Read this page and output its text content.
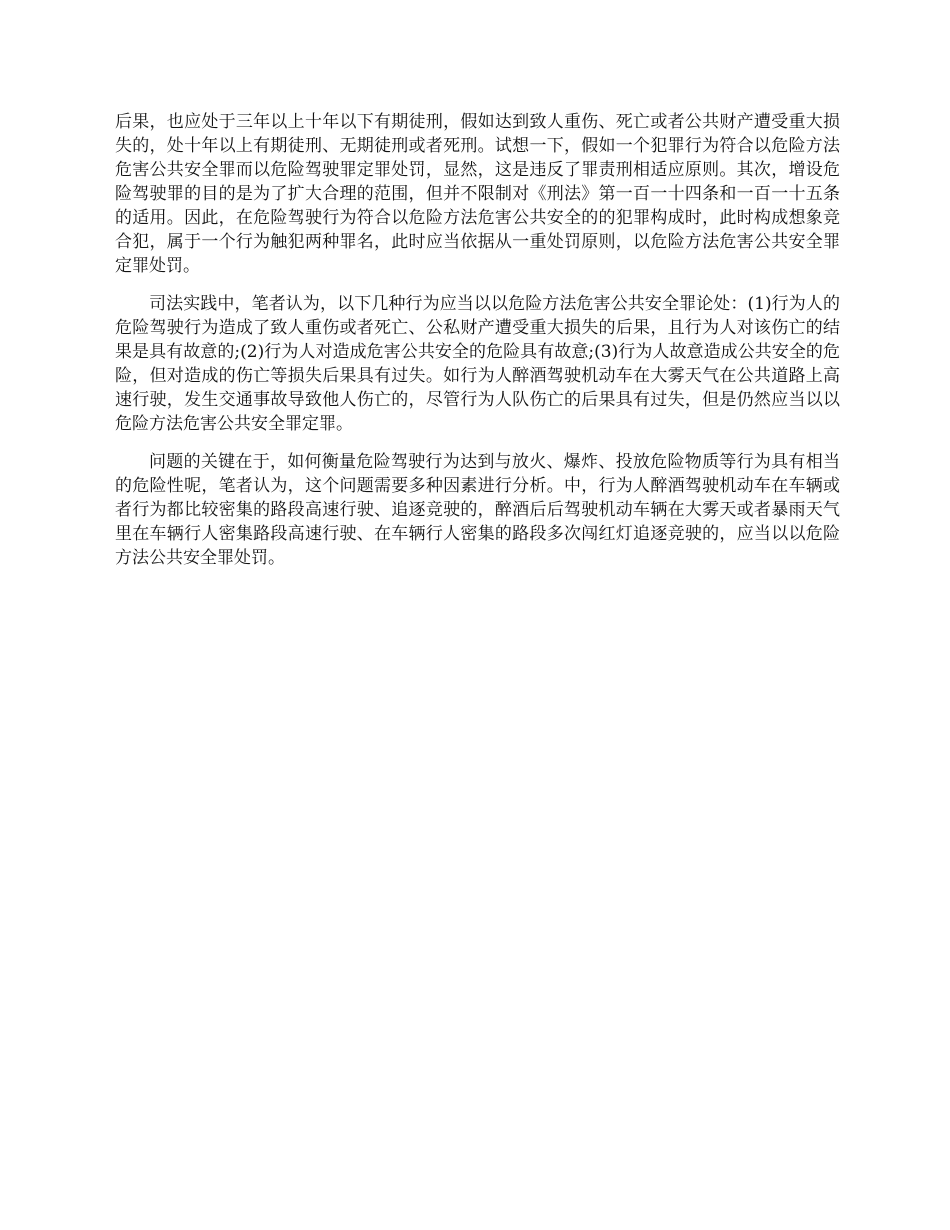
后果，也应处于三年以上十年以下有期徒刑，假如达到致人重伤、死亡或者公共财产遭受重大损失的，处十年以上有期徒刑、无期徒刑或者死刑。试想一下，假如一个犯罪行为符合以危险方法危害公共安全罪而以危险驾驶罪定罪处罚，显然，这是违反了罪责刑相适应原则。其次，增设危险驾驶罪的目的是为了扩大合理的范围，但并不限制对《刑法》第一百一十四条和一百一十五条的适用。因此，在危险驾驶行为符合以危险方法危害公共安全的的犯罪构成时，此时构成想象竞合犯，属于一个行为触犯两种罪名，此时应当依据从一重处罚原则，以危险方法危害公共安全罪定罪处罚。

司法实践中，笔者认为，以下几种行为应当以以危险方法危害公共安全罪论处：(1)行为人的危险驾驶行为造成了致人重伤或者死亡、公私财产遭受重大损失的后果，且行为人对该伤亡的结果是具有故意的;(2)行为人对造成危害公共安全的危险具有故意;(3)行为人故意造成公共安全的危险，但对造成的伤亡等损失后果具有过失。如行为人醉酒驾驶机动车在大雾天气在公共道路上高速行驶，发生交通事故导致他人伤亡的，尽管行为人队伤亡的后果具有过失，但是仍然应当以以危险方法危害公共安全罪定罪。

问题的关键在于，如何衡量危险驾驶行为达到与放火、爆炸、投放危险物质等行为具有相当的危险性呢，笔者认为，这个问题需要多种因素进行分析。中，行为人醉酒驾驶机动车在车辆或者行为都比较密集的路段高速行驶、追逐竞驶的，醉酒后后驾驶机动车辆在大雾天或者暴雨天气里在车辆行人密集路段高速行驶、在车辆行人密集的路段多次闯红灯追逐竞驶的，应当以以危险方法公共安全罪处罚。
